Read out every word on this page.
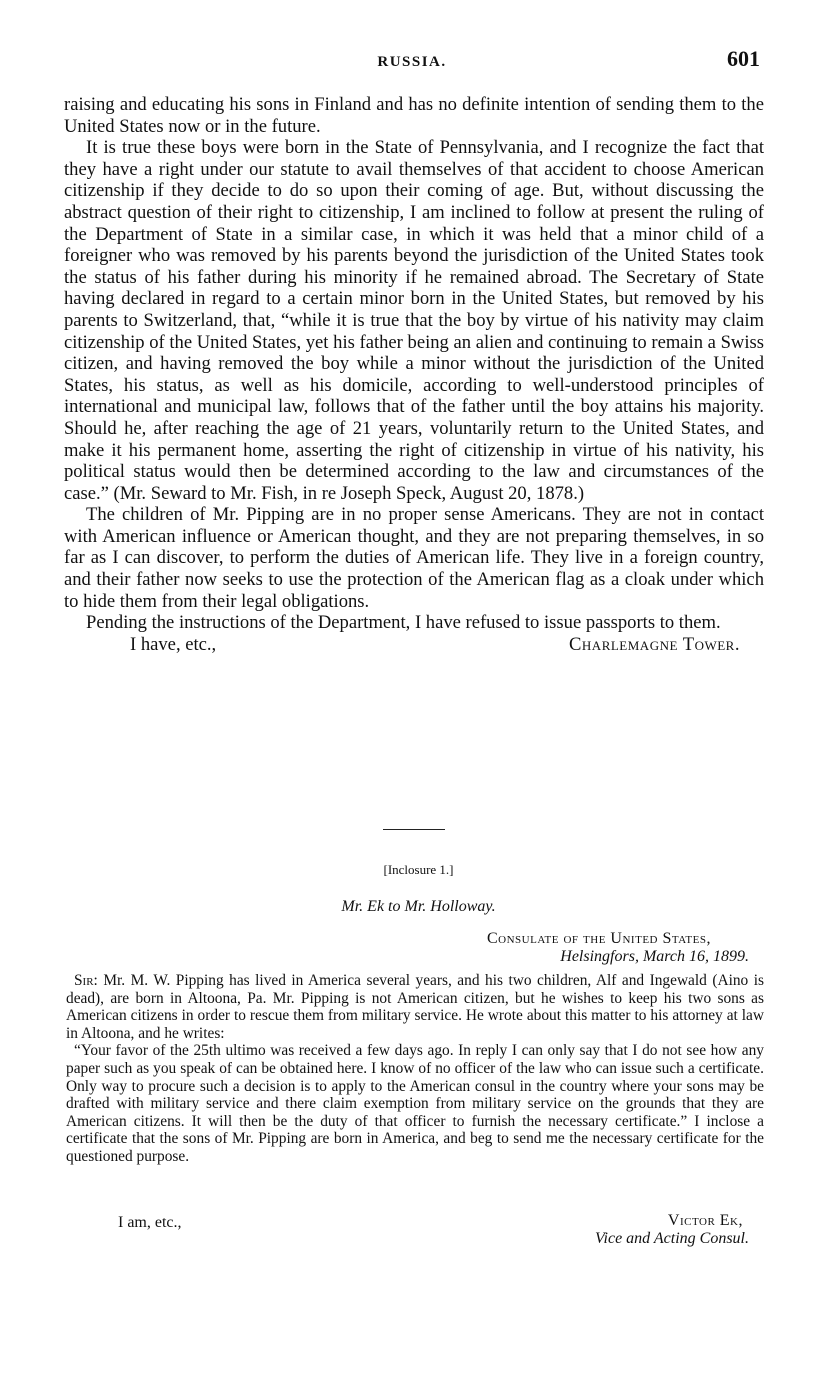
RUSSIA.	601

raising and educating his sons in Finland and has no definite intention of sending them to the United States now or in the future.

It is true these boys were born in the State of Pennsylvania, and I recognize the fact that they have a right under our statute to avail themselves of that accident to choose American citizenship if they decide to do so upon their coming of age. But, without discussing the abstract question of their right to citizenship, I am inclined to follow at present the ruling of the Department of State in a similar case, in which it was held that a minor child of a foreigner who was removed by his parents beyond the jurisdiction of the United States took the status of his father during his minority if he remained abroad. The Secretary of State having declared in regard to a certain minor born in the United States, but removed by his parents to Switzerland, that, “while it is true that the boy by virtue of his nativity may claim citizenship of the United States, yet his father being an alien and continuing to remain a Swiss citizen, and having removed the boy while a minor without the jurisdiction of the United States, his status, as well as his domicile, according to well-understood principles of international and municipal law, follows that of the father until the boy attains his majority. Should he, after reaching the age of 21 years, voluntarily return to the United States, and make it his permanent home, asserting the right of citizenship in virtue of his nativity, his political status would then be determined according to the law and circumstances of the case.” (Mr. Seward to Mr. Fish, in re Joseph Speck, August 20, 1878.)

The children of Mr. Pipping are in no proper sense Americans. They are not in contact with American influence or American thought, and they are not preparing themselves, in so far as I can discover, to perform the duties of American life. They live in a foreign country, and their father now seeks to use the protection of the American flag as a cloak under which to hide them from their legal obligations.

Pending the instructions of the Department, I have refused to issue passports to them.

I have, etc.,	Charlemagne Tower.
[Inclosure 1.]
Mr. Ek to Mr. Holloway.
Consulate of the United States,
Helsingfors, March 16, 1899.

Sir: Mr. M. W. Pipping has lived in America several years, and his two children, Alf and Ingewald (Aino is dead), are born in Altoona, Pa. Mr. Pipping is not American citizen, but he wishes to keep his two sons as American citizens in order to rescue them from military service. He wrote about this matter to his attorney at law in Altoona, and he writes:

“Your favor of the 25th ultimo was received a few days ago. In reply I can only say that I do not see how any paper such as you speak of can be obtained here. I know of no officer of the law who can issue such a certificate. Only way to procure such a decision is to apply to the American consul in the country where your sons may be drafted with military service and there claim exemption from military service on the grounds that they are American citizens. It will then be the duty of that officer to furnish the necessary certificate.” I inclose a certificate that the sons of Mr. Pipping are born in America, and beg to send me the necessary certificate for the questioned purpose.

I am, etc.,	Victor Ek,
Vice and Acting Consul.
